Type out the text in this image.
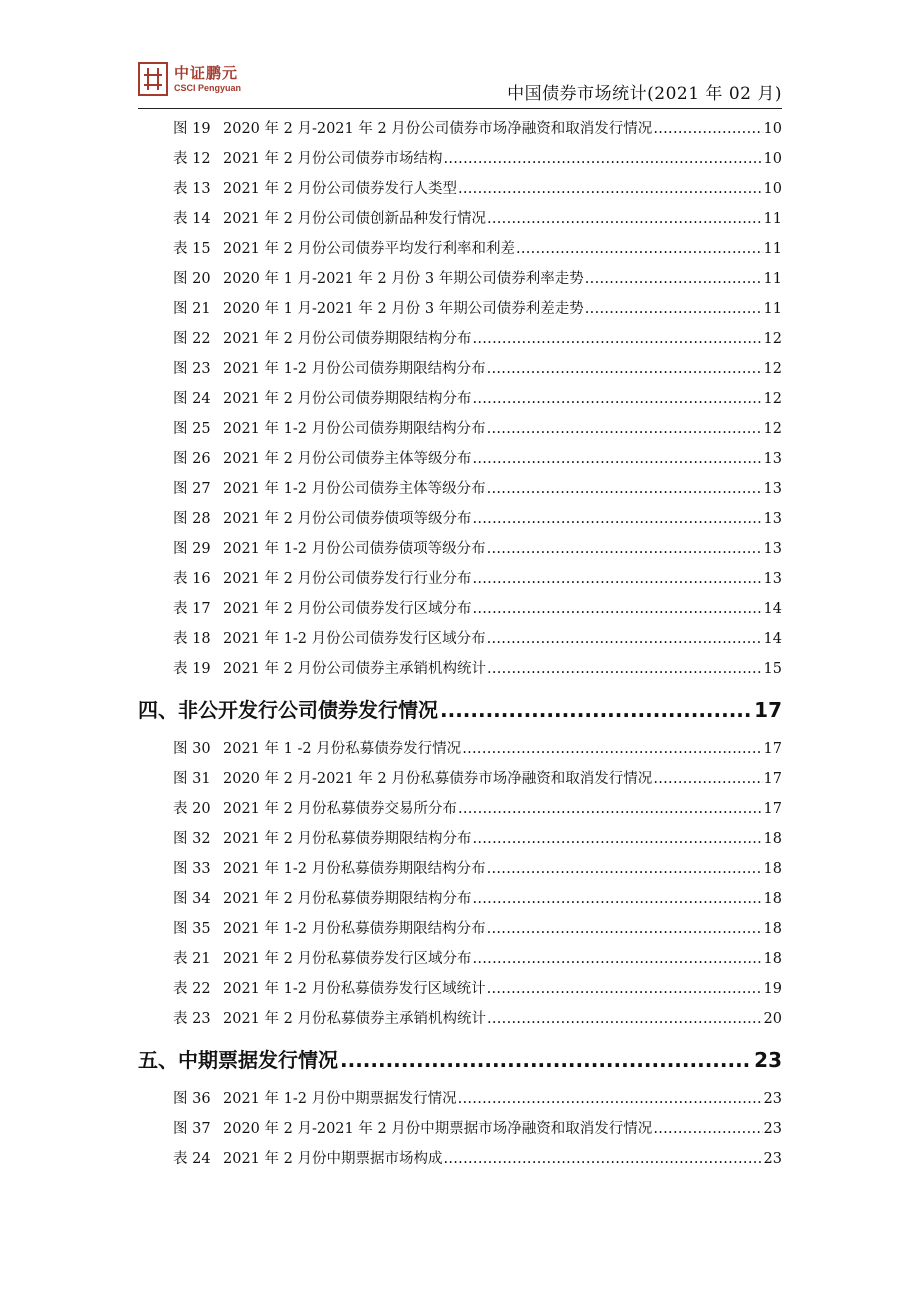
中证鹏元
CSCI Pengyuan	中国债券市场统计(2021 年 02 月)
图 19 2020 年 2 月-2021 年 2 月份公司债券市场净融资和取消发行情况 .....	10
表 12 2021 年 2 月份公司债券市场结构 .....	10
表 13 2021 年 2 月份公司债券发行人类型 .....	10
表 14 2021 年 2 月份公司债创新品种发行情况 .....	11
表 15 2021 年 2 月份公司债券平均发行利率和利差 .....	11
图 20 2020 年 1 月-2021 年 2 月份 3 年期公司债券利率走势 .....	11
图 21 2020 年 1 月-2021 年 2 月份 3 年期公司债券利差走势 .....	11
图 22 2021 年 2 月份公司债券期限结构分布 .....	12
图 23 2021 年 1-2 月份公司债券期限结构分布 .....	12
图 24 2021 年 2 月份公司债券期限结构分布 .....	12
图 25 2021 年 1-2 月份公司债券期限结构分布 .....	12
图 26 2021 年 2 月份公司债券主体等级分布 .....	13
图 27 2021 年 1-2 月份公司债券主体等级分布 .....	13
图 28 2021 年 2 月份公司债券债项等级分布 .....	13
图 29 2021 年 1-2 月份公司债券债项等级分布 .....	13
表 16 2021 年 2 月份公司债券发行行业分布 .....	13
表 17 2021 年 2 月份公司债券发行区域分布 .....	14
表 18 2021 年 1-2 月份公司债券发行区域分布 .....	14
表 19 2021 年 2 月份公司债券主承销机构统计 .....	15
四、非公开发行公司债券发行情况 .....	17
图 30 2021 年 1 -2 月份私募债券发行情况 .....	17
图 31 2020 年 2 月-2021 年 2 月份私募债券市场净融资和取消发行情况 .....	17
表 20 2021 年 2 月份私募债券交易所分布 .....	17
图 32 2021 年 2 月份私募债券期限结构分布 .....	18
图 33 2021 年 1-2 月份私募债券期限结构分布 .....	18
图 34 2021 年 2 月份私募债券期限结构分布 .....	18
图 35 2021 年 1-2 月份私募债券期限结构分布 .....	18
表 21 2021 年 2 月份私募债券发行区域分布 .....	18
表 22 2021 年 1-2 月份私募债券发行区域统计 .....	19
表 23 2021 年 2 月份私募债券主承销机构统计 .....	20
五、中期票据发行情况 .....	23
图 36 2021 年 1-2 月份中期票据发行情况 .....	23
图 37 2020 年 2 月-2021 年 2 月份中期票据市场净融资和取消发行情况 .....	23
表 24 2021 年 2 月份中期票据市场构成 .....	23
